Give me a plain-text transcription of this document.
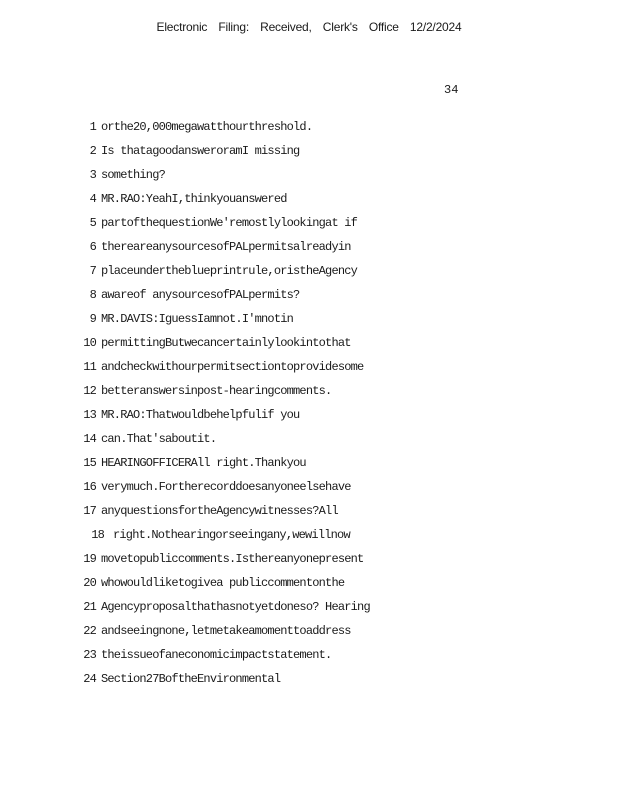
Electronic Filing: Received, Clerk's Office 12/2/2024
34
1 orthe20,000megawatthourthreshold.
2 Is thatagoodansweroramI missing
3 something?
4 MR.RAO:YeahI,thinkyouanswered
5 partofthequestionWe'remostlylookingat if
6 thereareanysourcesofPALpermitsalreadyin
7 placeundertheblueprintrule,oristheAgency
8 awareof anysourcesofPALpermits?
9 MR.DAVIS:IguessIamnot.I'mnotin
10 permittingButwecancertainlylookintothat
11 andcheckwithourpermitsectiontoprovidesome
12 betteranswersinpost-hearingcomments.
13 MR.RAO:Thatwouldbehelpfulif you
14 can.That'saboutit.
15 HEARINGOFFICERAll right.Thankyou
16 verymuch.Fortherecorddoesanyoneelsehave
17 anyquestionsfortheAgencywitnesses?All
18 right.Nothearingorseeingany,wewillnow
19 movetopubliccomments.Isthereanyonepresent
20 whowouldliketogivea publiccommentonthe
21 Agencyproposalthathasnotyetdoneso? Hearing
22 andseeingnone,letmetakeamomenttoaddress
23 theissueofaneconomicimpactstatement.
24 Section27BoftheEnvironmental
